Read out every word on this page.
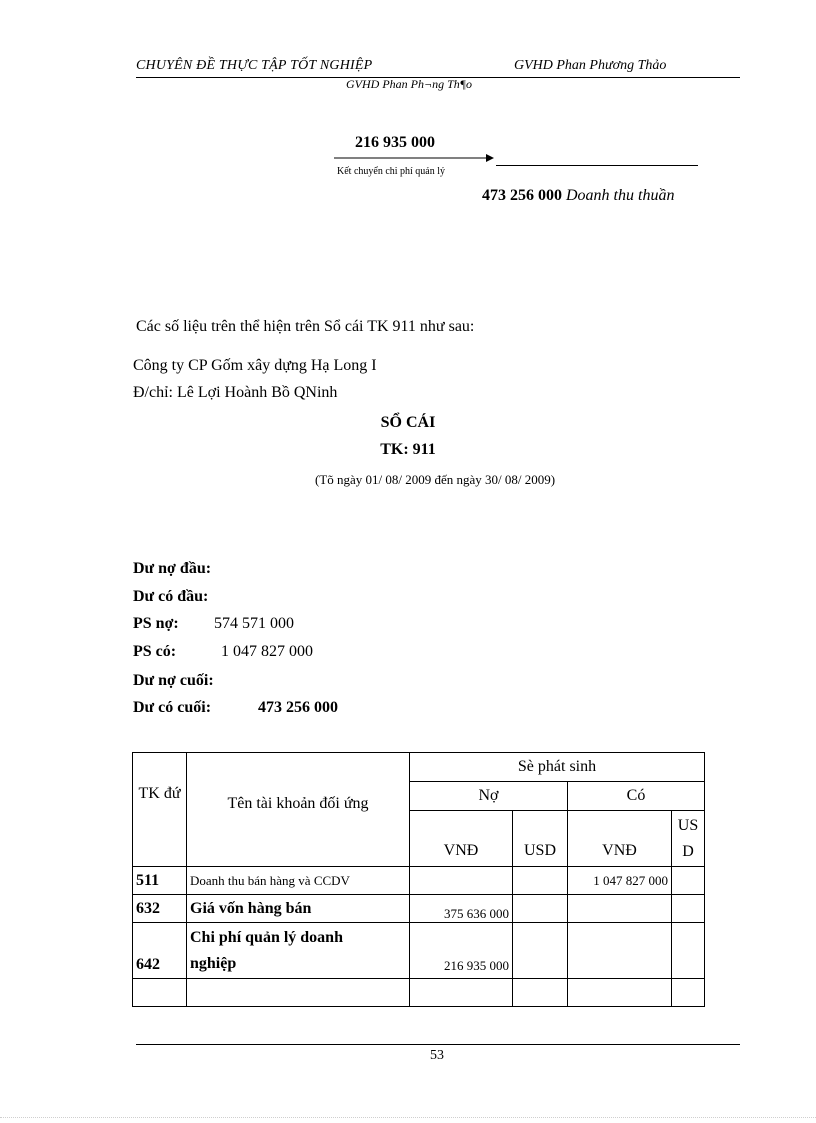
CHUYÊN ĐỀ THỰC TẬP TỐT NGHIỆP	GVHD Phan Phương Thảo
GVHD Phan Ph¬ng Th¶o
216 935 000
Kết chuyển chi phí quản lý
473 256 000 Doanh thu thuần
Các số liệu trên thể hiện trên Sổ cái TK 911 như sau:
Công ty CP Gốm xây dựng Hạ Long I
Đ/chỉ: Lê Lợi Hoành Bồ QNinh
SỔ CÁI
TK: 911
(Tõ ngày 01/ 08/ 2009 đến ngày 30/ 08/ 2009)
Dư nợ đầu:
Dư có đầu:
PS nợ: 574 571 000
PS có:	1 047 827 000
Dư nợ cuối:
Dư có cuối:	473 256 000
TK đứ	Tên tài khoản đối ứng	Sè phát sinh			
		Nợ		Có	
		VNĐ	USD	VNĐ	US
D

511	Doanh thu bán hàng và CCDV			1 047 827 000	
632	Giá vốn hàng bán	375 636 000			
642	Chi phí quản lý doanh
nghiệp	216 935 000			

53
